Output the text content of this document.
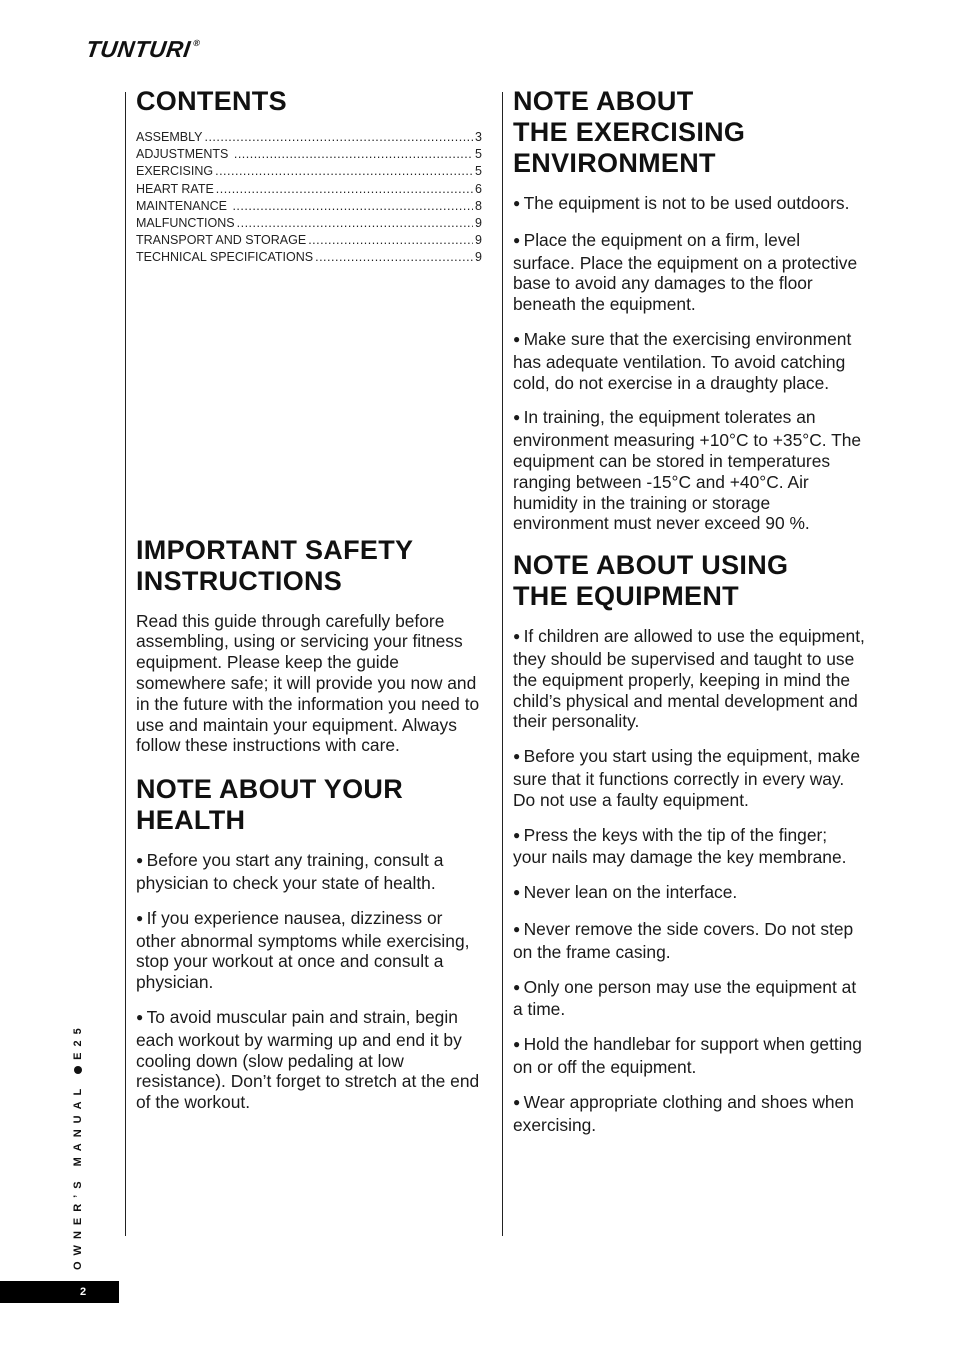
TUNTURI®
CONTENTS
ASSEMBLY .....	3
ADJUSTMENTS .....	5
EXERCISING .....	5
HEART RATE .....	6
MAINTENANCE .....	8
MALFUNCTIONS .....	9
TRANSPORT AND STORAGE .....	9
TECHNICAL SPECIFICATIONS .....	9
IMPORTANT SAFETY
INSTRUCTIONS

Read this guide through carefully before assembling, using or servicing your fitness equipment. Please keep the guide somewhere safe; it will provide you now and in the future with the information you need to use and maintain your equipment. Always follow these instructions with care.

NOTE ABOUT YOUR
HEALTH

● Before you start any training, consult a physician to check your state of health.

● If you experience nausea, dizziness or other abnormal symptoms while exercising, stop your workout at once and consult a physician.

● To avoid muscular pain and strain, begin each workout by warming up and end it by cooling down (slow pedaling at low resistance). Don’t forget to stretch at the end of the workout.

NOTE ABOUT
THE EXERCISING
ENVIRONMENT

● The equipment is not to be used outdoors.

● Place the equipment on a firm, level surface. Place the equipment on a protective base to avoid any damages to the floor beneath the equipment.

● Make sure that the exercising environment has adequate ventilation. To avoid catching cold, do not exercise in a draughty place.

● In training, the equipment tolerates an environment measuring +10°C to +35°C. The equipment can be stored in temperatures ranging between -15°C and +40°C. Air humidity in the training or storage environment must never exceed 90 %.

NOTE ABOUT USING
THE EQUIPMENT

● If children are allowed to use the equipment, they should be supervised and taught to use the equipment properly, keeping in mind the child’s physical and mental development and their personality.

● Before you start using the equipment, make sure that it functions correctly in every way. Do not use a faulty equipment.

● Press the keys with the tip of the finger; your nails may damage the key membrane.

● Never lean on the interface.

● Never remove the side covers. Do not step on the frame casing.

● Only one person may use the equipment at a time.

● Hold the handlebar for support when getting on or off the equipment.

● Wear appropriate clothing and shoes when exercising.

OWNER’S MANUAL E25
2
